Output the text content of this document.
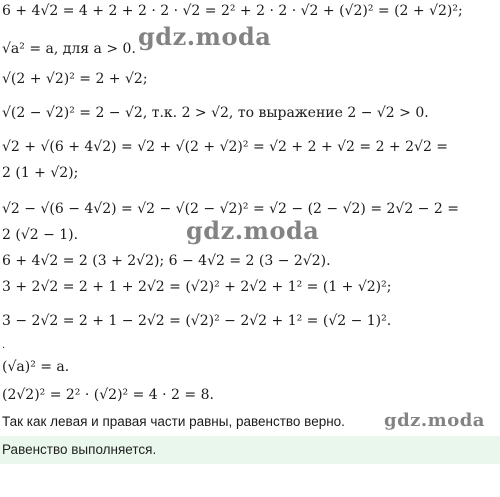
6 + 4√2 = 4 + 2 + 2 · 2 · √2 = 2² + 2 · 2 · √2 + (√2)² = (2 + √2)²;
√a² = a, для a > 0.
√(2 + √2)² = 2 + √2;
√(2 − √2)² = 2 − √2, т.к. 2 > √2, то выражение 2 − √2 > 0.
√2 + √(6 + 4√2) = √2 + √(2 + √2)² = √2 + 2 + √2 = 2 + 2√2 =
2 (1 + √2);
√2 − √(6 − 4√2) = √2 − √(2 − √2)² = √2 − (2 − √2) = 2√2 − 2 =
2 (√2 − 1).
6 + 4√2 = 2 (3 + 2√2); 6 − 4√2 = 2 (3 − 2√2).
3 + 2√2 = 2 + 1 + 2√2 = (√2)² + 2√2 + 1² = (1 + √2)²;
3 − 2√2 = 2 + 1 − 2√2 = (√2)² − 2√2 + 1² = (√2 − 1)².
.
(√a)² = a.
(2√2)² = 2² · (√2)² = 4 · 2 = 8.
Так как левая и правая части равны, равенство верно.
gdz.moda
gdz.moda
gdz.moda
Равенство выполняется.
